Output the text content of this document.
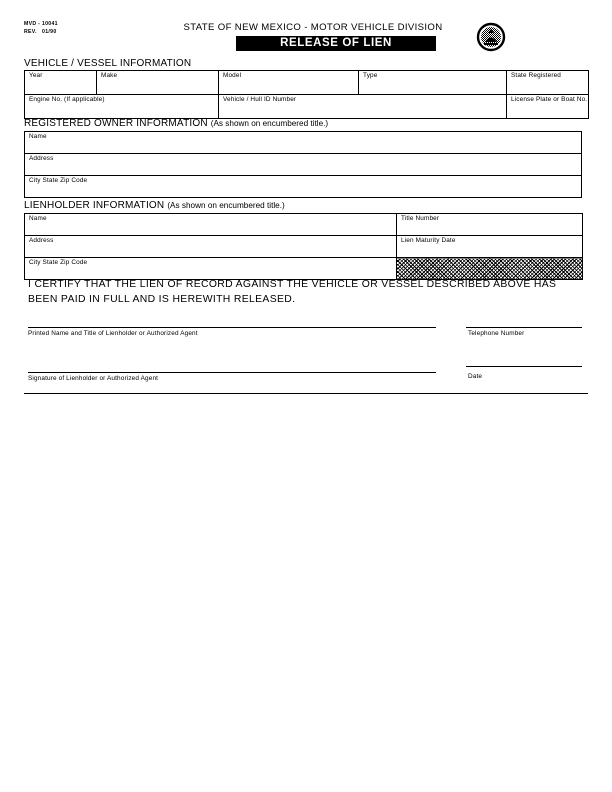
MVD - 10041
REV.   01/90	STATE OF NEW MEXICO - MOTOR VEHICLE DIVISION
RELEASE OF LIEN
VEHICLE / VESSEL INFORMATION
Year	Make	Model	Type	State Registered
Engine No. (If applicable)		Vehicle / Hull ID Number		License Plate or Boat No.
REGISTERED OWNER INFORMATION (As shown on encumbered title.)
Name
Address
City State Zip Code
LIENHOLDER INFORMATION (As shown on encumbered title.)
Name	Title Number
Address	Lien Maturity Date
City State Zip Code	
I CERTIFY THAT THE LIEN OF RECORD AGAINST THE VEHICLE OR VESSEL DESCRIBED ABOVE HAS
BEEN PAID IN FULL AND IS HEREWITH RELEASED.
Printed Name and Title of Lienholder or Authorized Agent	Telephone Number
Signature of Lienholder or Authorized Agent	Date
